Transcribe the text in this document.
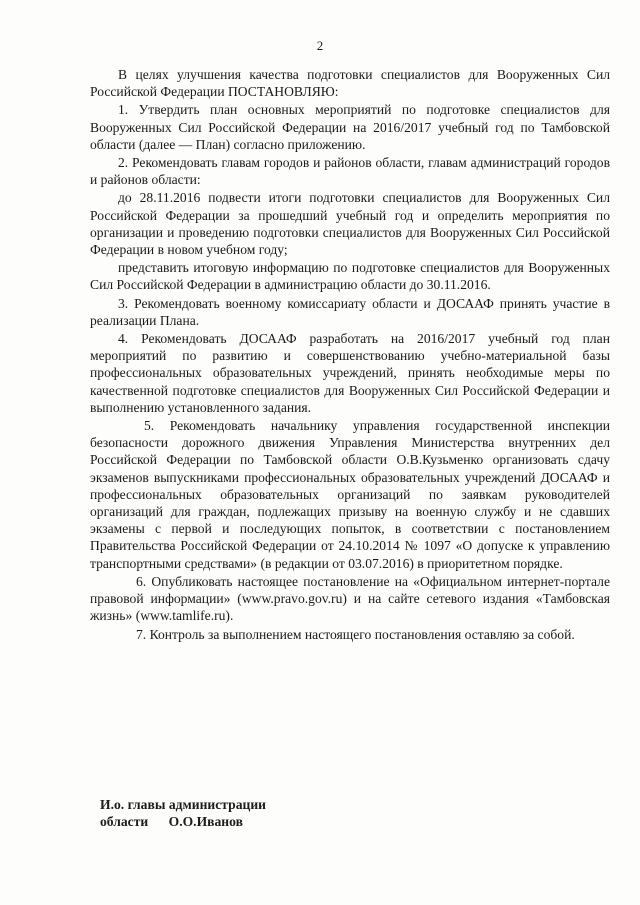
2

В целях улучшения качества подготовки специалистов для Вооруженных Сил Российской Федерации ПОСТАНОВЛЯЮ:

1. Утвердить план основных мероприятий по подготовке специалистов для Вооруженных Сил Российской Федерации на 2016/2017 учебный год по Тамбовской области (далее — План) согласно приложению.

2. Рекомендовать главам городов и районов области, главам администраций городов и районов области:

до 28.11.2016 подвести итоги подготовки специалистов для Вооруженных Сил Российской Федерации за прошедший учебный год и определить мероприятия по организации и проведению подготовки специалистов для Вооруженных Сил Российской Федерации в новом учебном году;

представить итоговую информацию по подготовке специалистов для Вооруженных Сил Российской Федерации в администрацию области до 30.11.2016.

3. Рекомендовать военному комиссариату области и ДОСААФ принять участие в реализации Плана.

4. Рекомендовать ДОСААФ разработать на 2016/2017 учебный год план мероприятий по развитию и совершенствованию учебно-материальной базы профессиональных образовательных учреждений, принять необходимые меры по качественной подготовке специалистов для Вооруженных Сил Российской Федерации и выполнению установленного задания.

5. Рекомендовать начальнику управления государственной инспекции безопасности дорожного движения Управления Министерства внутренних дел Российской Федерации по Тамбовской области О.В.Кузьменко организовать сдачу экзаменов выпускниками профессиональных образовательных учреждений ДОСААФ и профессиональных образовательных организаций по заявкам руководителей организаций для граждан, подлежащих призыву на военную службу и не сдавших экзамены с первой и последующих попыток, в соответствии с постановлением Правительства Российской Федерации от 24.10.2014 № 1097 «О допуске к управлению транспортными средствами» (в редакции от 03.07.2016) в приоритетном порядке.

6. Опубликовать настоящее постановление на «Официальном интернет-портале правовой информации» (www.pravo.gov.ru) и на сайте сетевого издания «Тамбовская жизнь» (www.tamlife.ru).

7. Контроль за выполнением настоящего постановления оставляю за собой.

И.о. главы администрации
области О.О.Иванов
